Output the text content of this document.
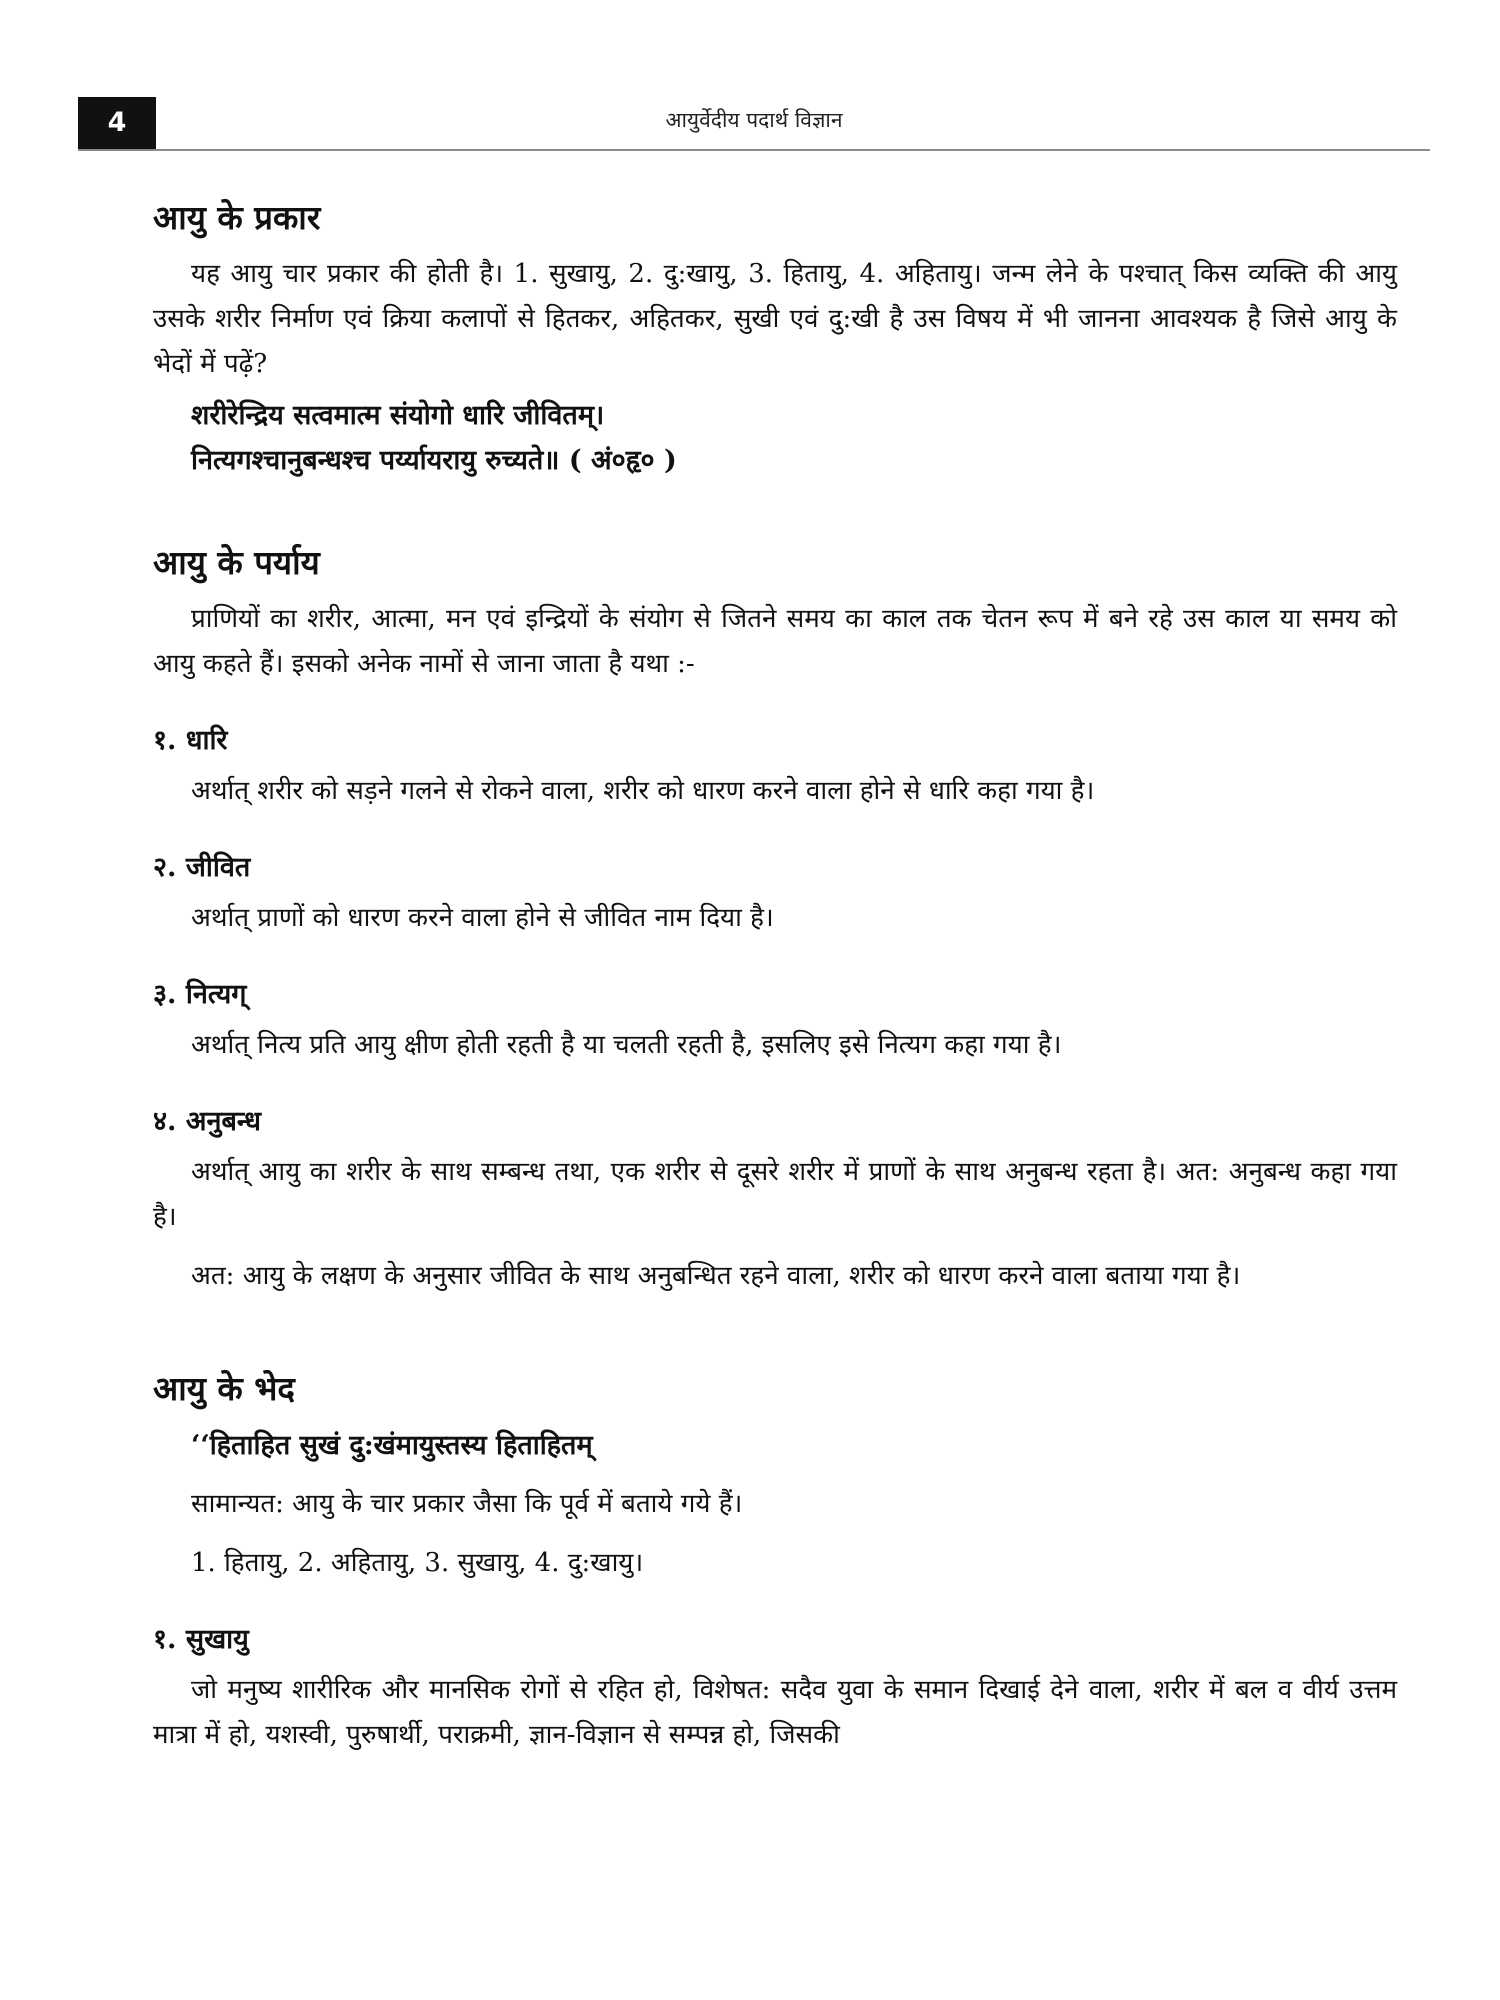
4	आयुर्वेदीय पदार्थ विज्ञान
आयु के प्रकार

यह आयु चार प्रकार की होती है। 1. सुखायु, 2. दु:खायु, 3. हितायु, 4. अहितायु। जन्म लेने के पश्चात् किस व्यक्ति की आयु उसके शरीर निर्माण एवं क्रिया कलापों से हितकर, अहितकर, सुखी एवं दु:खी है उस विषय में भी जानना आवश्यक है जिसे आयु के भेदों में पढ़ें?

शरीरेन्द्रिय सत्वमात्म संयोगो धारि जीवितम्।
नित्यगश्चानुबन्धश्च पर्य्यायरायु रुच्यते॥ ( अं०हृ० )
आयु के पर्याय

प्राणियों का शरीर, आत्मा, मन एवं इन्द्रियों के संयोग से जितने समय का काल तक चेतन रूप में बने रहे उस काल या समय को आयु कहते हैं। इसको अनेक नामों से जाना जाता है यथा :-

१. धारि

अर्थात् शरीर को सड़ने गलने से रोकने वाला, शरीर को धारण करने वाला होने से धारि कहा गया है।

२. जीवित

अर्थात् प्राणों को धारण करने वाला होने से जीवित नाम दिया है।

३. नित्यग्

अर्थात् नित्य प्रति आयु क्षीण होती रहती है या चलती रहती है, इसलिए इसे नित्यग कहा गया है।

४. अनुबन्ध

अर्थात् आयु का शरीर के साथ सम्बन्ध तथा, एक शरीर से दूसरे शरीर में प्राणों के साथ अनुबन्ध रहता है। अत: अनुबन्ध कहा गया है।

अत: आयु के लक्षण के अनुसार जीवित के साथ अनुबन्धित रहने वाला, शरीर को धारण करने वाला बताया गया है।

आयु के भेद
‘‘हिताहित सुखं दु:खंमायुस्तस्य हिताहितम्

सामान्यत: आयु के चार प्रकार जैसा कि पूर्व में बताये गये हैं।

1. हितायु, 2. अहितायु, 3. सुखायु, 4. दु:खायु।

१. सुखायु

जो मनुष्य शारीरिक और मानसिक रोगों से रहित हो, विशेषत: सदैव युवा के समान दिखाई देने वाला, शरीर में बल व वीर्य उत्तम मात्रा में हो, यशस्वी, पुरुषार्थी, पराक्रमी, ज्ञान-विज्ञान से सम्पन्न हो, जिसकी
